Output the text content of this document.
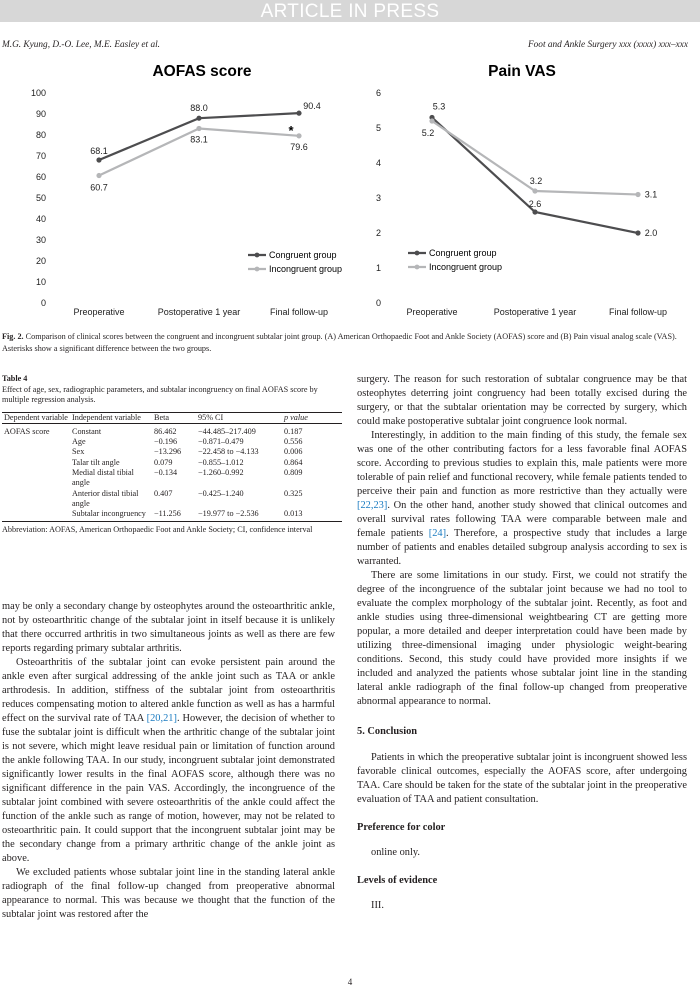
ARTICLE IN PRESS
M.G. Kyung, D.-O. Lee, M.E. Easley et al.	Foot and Ankle Surgery xxx (xxxx) xxx–xxx
AOFAS score
0
10
20
30
40
50
60
70
80
90
100
Preoperative	Postoperative 1 year	Final follow-up
68.1
88.0	90.4
60.7
83.1
79.6
Congruent group
Incongruent group
*
Pain VAS
0
1
2
3
4
5
6
Preoperative	Postoperative 1 year	Final follow-up
5.3
2.6
2.0
5.2
3.2
3.1
Congruent group
Incongruent group
Fig. 2. Comparison of clinical scores between the congruent and incongruent subtalar joint group. (A) American Orthopaedic Foot and Ankle Society (AOFAS) score and (B) Pain visual analog scale (VAS). Asterisks show a significant difference between the two groups.
Table 4
Effect of age, sex, radiographic parameters, and subtalar incongruency on final AOFAS score by multiple regression analysis.
Dependent variable	Independent variable	Beta	95% CI	p value
AOFAS score	Constant	86.462	−44.485–217.409	0.187
	Age	−0.196	−0.871–0.479	0.556
	Sex	−13.296	−22.458 to −4.133	0.006
	Talar tilt angle	0.079	−0.855–1.012	0.864
	Medial distal tibial angle	−0.134	−1.260–0.992	0.809
	Anterior distal tibial angle	0.407	−0.425–1.240	0.325
	Subtalar incongruency	−11.256	−19.977 to −2.536	0.013
Abbreviation: AOFAS, American Orthopaedic Foot and Ankle Society; CI, confidence interval

may be only a secondary change by osteophytes around the osteoarthritic ankle, not by osteoarthritic change of the subtalar joint in itself because it is unlikely that there occurred arthritis in two simultaneous joints as well as there are few reports regarding primary subtalar arthritis.

Osteoarthritis of the subtalar joint can evoke persistent pain around the ankle even after surgical addressing of the ankle joint such as TAA or ankle arthrodesis. In addition, stiffness of the subtalar joint from osteoarthritis reduces compensating motion to altered ankle function as well as has a harmful effect on the survival rate of TAA [20,21]. However, the decision of whether to fuse the subtalar joint is difficult when the arthritic change of the subtalar joint is not severe, which might leave residual pain or limitation of function around the ankle following TAA. In our study, incongruent subtalar joint demonstrated significantly lower results in the final AOFAS score, although there was no significant difference in the pain VAS. Accordingly, the incongruence of the subtalar joint combined with severe osteoarthritis of the ankle could affect the function of the ankle such as range of motion, however, may not be related to osteoarthritic pain. It could support that the incongruent subtalar joint may be the secondary change from a primary arthritic change of the ankle joint as above.

We excluded patients whose subtalar joint line in the standing lateral ankle radiograph of the final follow-up changed from preoperative abnormal appearance to normal. This was because we thought that the function of the subtalar joint was restored after the

surgery. The reason for such restoration of subtalar congruence may be that osteophytes deterring joint congruency had been totally excised during the surgery, or that the subtalar orientation may be corrected by surgery, which could make postoperative subtalar joint congruence look normal.

Interestingly, in addition to the main finding of this study, the female sex was one of the other contributing factors for a less favorable final AOFAS score. According to previous studies to explain this, male patients were more tolerable of pain relief and functional recovery, while female patients tended to perceive their pain and function as more restrictive than they actually were [22,23]. On the other hand, another study showed that clinical outcomes and overall survival rates following TAA were comparable between male and female patients [24]. Therefore, a prospective study that includes a large number of patients and enables detailed subgroup analysis according to sex is warranted.

There are some limitations in our study. First, we could not stratify the degree of the incongruence of the subtalar joint because we had no tool to evaluate the complex morphology of the subtalar joint. Recently, as foot and ankle studies using three-dimensional weightbearing CT are getting more popular, a more detailed and deeper interpretation could have been made by utilizing three-dimensional imaging under physiologic weight-bearing conditions. Second, this study could have provided more insights if we included and analyzed the patients whose subtalar joint line in the standing lateral ankle radiograph of the final follow-up changed from preoperative abnormal appearance to normal.

5. Conclusion

Patients in which the preoperative subtalar joint is incongruent showed less favorable clinical outcomes, especially the AOFAS score, after undergoing TAA. Care should be taken for the state of the subtalar joint in the preoperative evaluation of TAA and patient consultation.

Preference for color

online only.

Levels of evidence

III.

4
